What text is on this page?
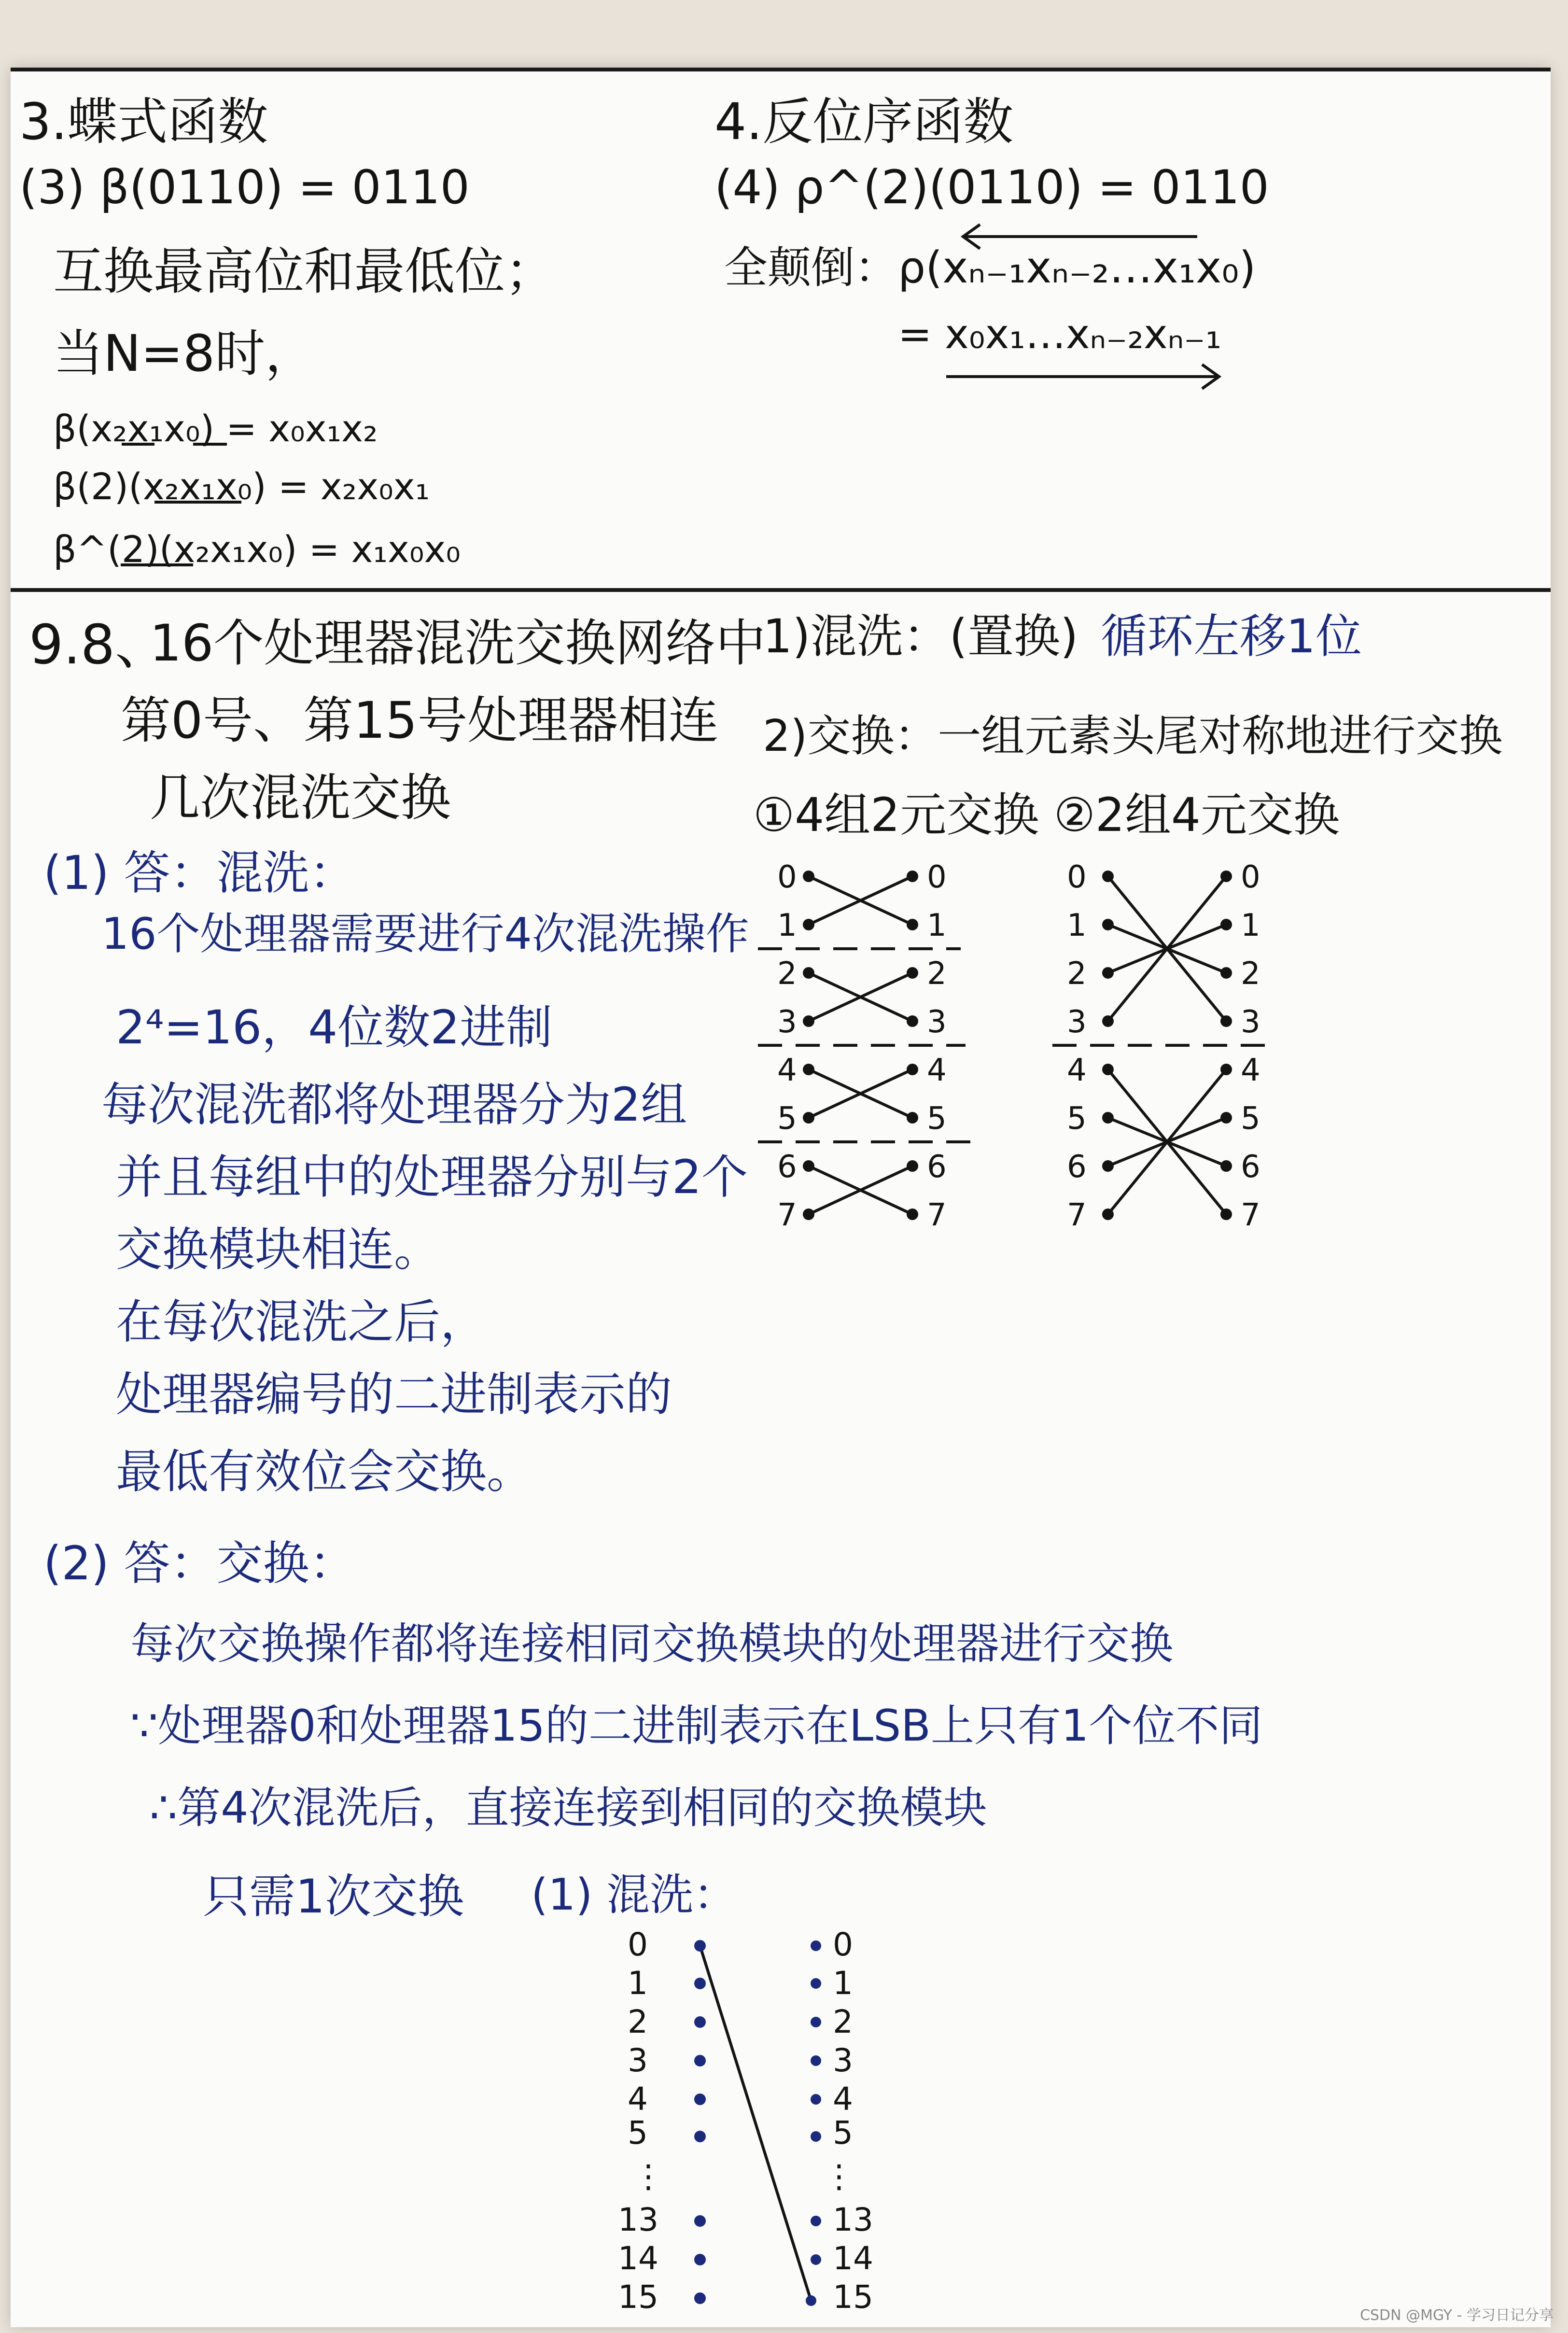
3.蝶式函数
(3) β(0110) = 0110
互换最高位和最低位；
当N=8时，
β(x₂x₁x₀) = x₀x₁x₂
β(2)(x₂x₁x₀) = x₂x₀x₁
β^(2)(x₂x₁x₀) = x₁x₀x₀
4.反位序函数
(4) ρ^(2)(0110) = 0110
全颠倒：ρ(xₙ₋₁xₙ₋₂…x₁x₀)
= x₀x₁…xₙ₋₂xₙ₋₁
9.8、
16个处理器混洗交换网络中
第0号、第15号处理器相连
几次混洗交换
(1) 答：混洗：
16个处理器需要进行4次混洗操作
2⁴=16，4位数2进制
每次混洗都将处理器分为2组
并且每组中的处理器分别与2个
交换模块相连。
在每次混洗之后，
处理器编号的二进制表示的
最低有效位会交换。
1)混洗：(置换) 循环左移1位
2)交换：一组元素头尾对称地进行交换
①4组2元交换 ②2组4元交换
0
1
2
3
4
5
6
7
0
1
2
3
4
5
6
7
0
1
2
3
4
5
6
7
0
1
2
3
4
5
6
7
(2) 答：交换：
每次交换操作都将连接相同交换模块的处理器进行交换
∵处理器0和处理器15的二进制表示在LSB上只有1个位不同
∴第4次混洗后，直接连接到相同的交换模块
只需1次交换 (1) 混洗：
0
1
2
3
4
5
⋮
13
14
15
0
1
2
3
4
5
⋮
13
14
15	CSDN @MGY - 学习日记分享
